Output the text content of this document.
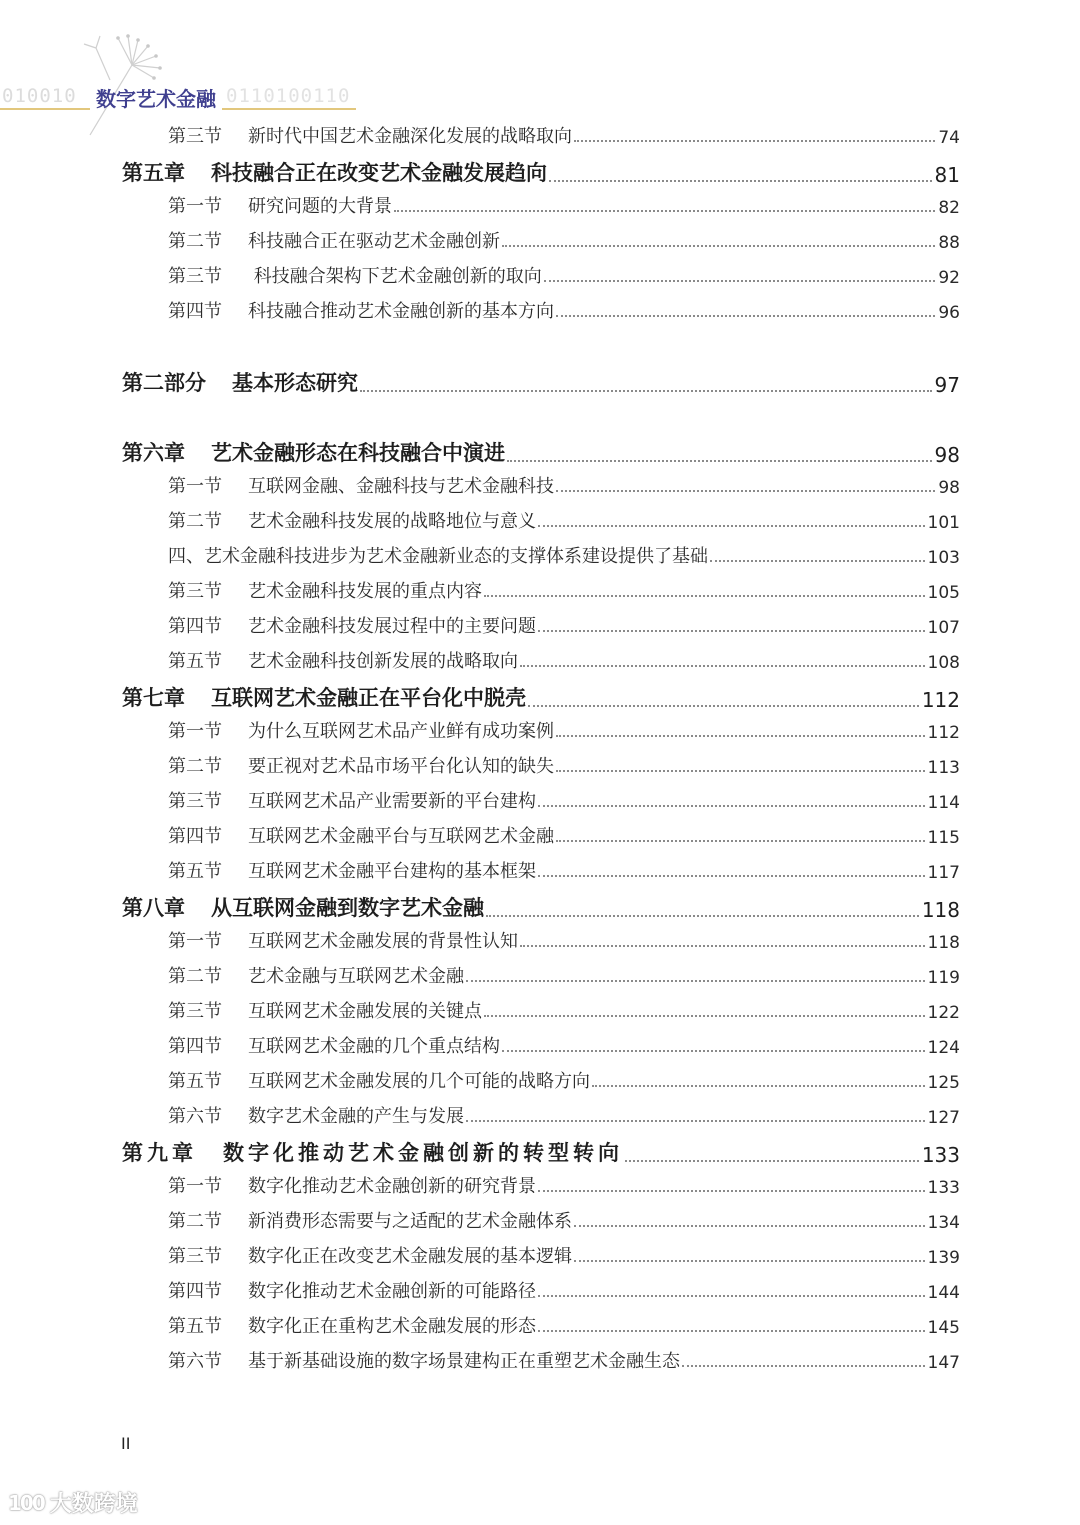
010010 数字艺术金融 0110100110
第三节 新时代中国艺术金融深化发展的战略取向	74
第五章 科技融合正在改变艺术金融发展趋向	81
第一节 研究问题的大背景	82
第二节 科技融合正在驱动艺术金融创新	88
第三节 科技融合架构下艺术金融创新的取向	92
第四节 科技融合推动艺术金融创新的基本方向	96
第二部分 基本形态研究	97
第六章 艺术金融形态在科技融合中演进	98
第一节 互联网金融、金融科技与艺术金融科技	98
第二节 艺术金融科技发展的战略地位与意义	101
四、艺术金融科技进步为艺术金融新业态的支撑体系建设提供了基础	103
第三节 艺术金融科技发展的重点内容	105
第四节 艺术金融科技发展过程中的主要问题	107
第五节 艺术金融科技创新发展的战略取向	108
第七章 互联网艺术金融正在平台化中脱壳	112
第一节 为什么互联网艺术品产业鲜有成功案例	112
第二节 要正视对艺术品市场平台化认知的缺失	113
第三节 互联网艺术品产业需要新的平台建构	114
第四节 互联网艺术金融平台与互联网艺术金融	115
第五节 互联网艺术金融平台建构的基本框架	117
第八章 从互联网金融到数字艺术金融	118
第一节 互联网艺术金融发展的背景性认知	118
第二节 艺术金融与互联网艺术金融	119
第三节 互联网艺术金融发展的关键点	122
第四节 互联网艺术金融的几个重点结构	124
第五节 互联网艺术金融发展的几个可能的战略方向	125
第六节 数字艺术金融的产生与发展	127
第九章 数字化推动艺术金融创新的转型转向	133
第一节 数字化推动艺术金融创新的研究背景	133
第二节 新消费形态需要与之适配的艺术金融体系	134
第三节 数字化正在改变艺术金融发展的基本逻辑	139
第四节 数字化推动艺术金融创新的可能路径	144
第五节 数字化正在重构艺术金融发展的形态	145
第六节 基于新基础设施的数字场景建构正在重塑艺术金融生态	147
II
100 大数跨境
